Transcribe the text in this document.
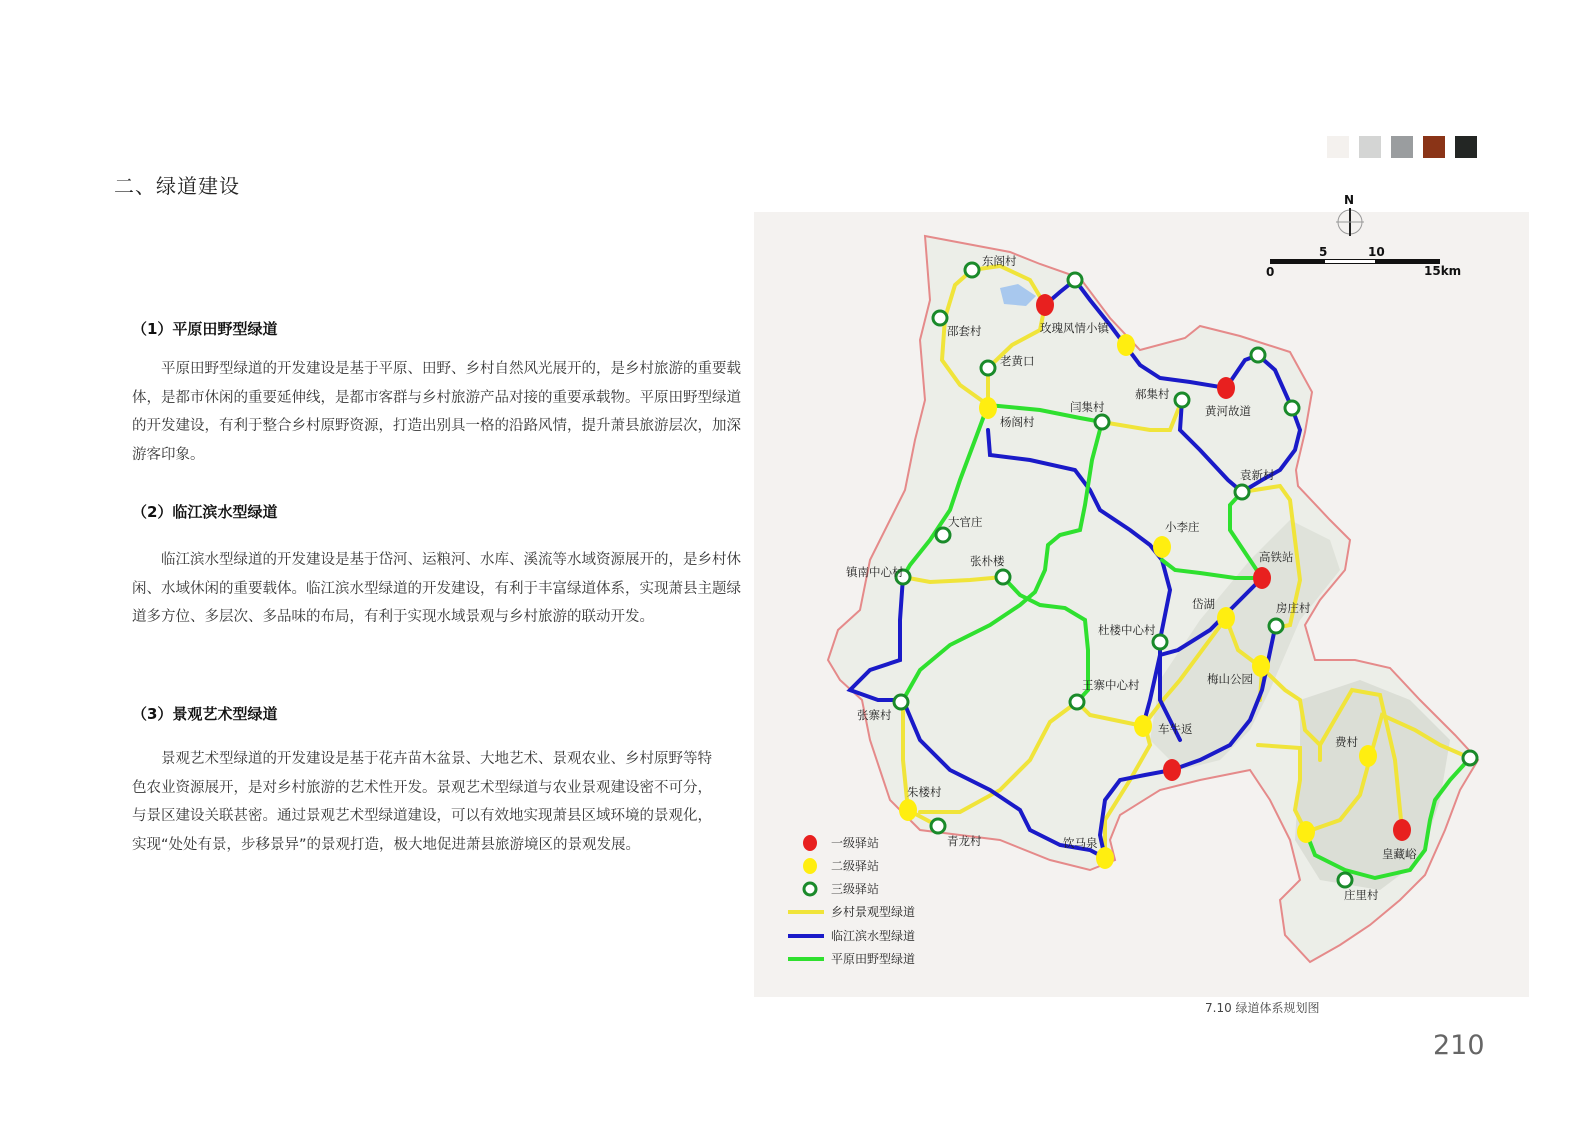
二、绿道建设
（1）平原田野型绿道
平原田野型绿道的开发建设是基于平原、田野、乡村自然风光展开的，是乡村旅游的重要载体，是都市休闲的重要延伸线，是都市客群与乡村旅游产品对接的重要承载物。平原田野型绿道的开发建设，有利于整合乡村原野资源，打造出别具一格的沿路风情，提升萧县旅游层次，加深游客印象。
（2）临江滨水型绿道
临江滨水型绿道的开发建设是基于岱河、运粮河、水库、溪流等水域资源展开的，是乡村休闲、水域休闲的重要载体。临江滨水型绿道的开发建设，有利于丰富绿道体系，实现萧县主题绿道多方位、多层次、多品味的布局，有利于实现水域景观与乡村旅游的联动开发。
（3）景观艺术型绿道
景观艺术型绿道的开发建设是基于花卉苗木盆景、大地艺术、景观农业、乡村原野等特色农业资源展开，是对乡村旅游的艺术性开发。景观艺术型绿道与农业景观建设密不可分，与景区建设关联甚密。通过景观艺术型绿道建设，可以有效地实现萧县区域环境的景观化，实现“处处有景，步移景异”的景观打造，极大地促进萧县旅游境区的景观发展。
东阁村
邵套村	玫瑰风情小镇
老黄口
郝集村
黄河故道
杨阁村
闫集村
袁新村
大官庄	小李庄
镇南中心村
张朴楼	高铁站
岱湖	房庄村
杜楼中心村
梅山公园
王寨中心村
张寨村
车牛返
费村
朱楼村
青龙村	饮马泉
皇藏峪
庄里村
N
0
5	10
15km
一级驿站
二级驿站
三级驿站
乡村景观型绿道
临江滨水型绿道
平原田野型绿道
7.10 绿道体系规划图
210
